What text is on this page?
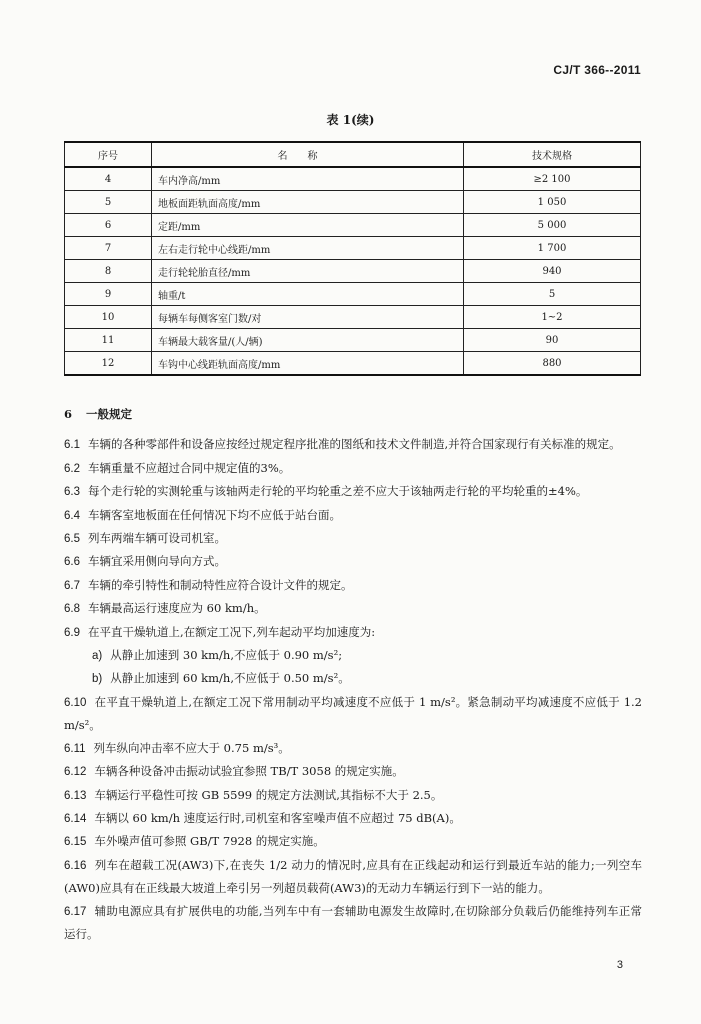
CJ/T 366--2011
表 1(续)
序号	名称	技术规格
4	车内净高/mm	≥2 100
5	地板面距轨面高度/mm	1 050
6	定距/mm	5 000
7	左右走行轮中心线距/mm	1 700
8	走行轮轮胎直径/mm	940
9	轴重/t	5
10	每辆车每侧客室门数/对	1~2
11	车辆最大载客量/(人/辆)	90
12	车钩中心线距轨面高度/mm	880
6 一般规定
6.1 车辆的各种零部件和设备应按经过规定程序批准的图纸和技术文件制造,并符合国家现行有关标准的规定。
6.2 车辆重量不应超过合同中规定值的3%。
6.3 每个走行轮的实测轮重与该轴两走行轮的平均轮重之差不应大于该轴两走行轮的平均轮重的±4%。
6.4 车辆客室地板面在任何情况下均不应低于站台面。
6.5 列车两端车辆可设司机室。
6.6 车辆宜采用侧向导向方式。
6.7 车辆的牵引特性和制动特性应符合设计文件的规定。
6.8 车辆最高运行速度应为 60 km/h。
6.9 在平直干燥轨道上,在额定工况下,列车起动平均加速度为:
a) 从静止加速到 30 km/h,不应低于 0.90 m/s²;
b) 从静止加速到 60 km/h,不应低于 0.50 m/s²。
6.10 在平直干燥轨道上,在额定工况下常用制动平均减速度不应低于 1 m/s²。紧急制动平均减速度不应低于 1.2 m/s²。
6.11 列车纵向冲击率不应大于 0.75 m/s³。
6.12 车辆各种设备冲击振动试验宜参照 TB/T 3058 的规定实施。
6.13 车辆运行平稳性可按 GB 5599 的规定方法测试,其指标不大于 2.5。
6.14 车辆以 60 km/h 速度运行时,司机室和客室噪声值不应超过 75 dB(A)。
6.15 车外噪声值可参照 GB/T 7928 的规定实施。
6.16 列车在超载工况(AW3)下,在丧失 1/2 动力的情况时,应具有在正线起动和运行到最近车站的能力;一列空车(AW0)应具有在正线最大坡道上牵引另一列超员载荷(AW3)的无动力车辆运行到下一站的能力。
6.17 辅助电源应具有扩展供电的功能,当列车中有一套辅助电源发生故障时,在切除部分负载后仍能维持列车正常运行。
3
